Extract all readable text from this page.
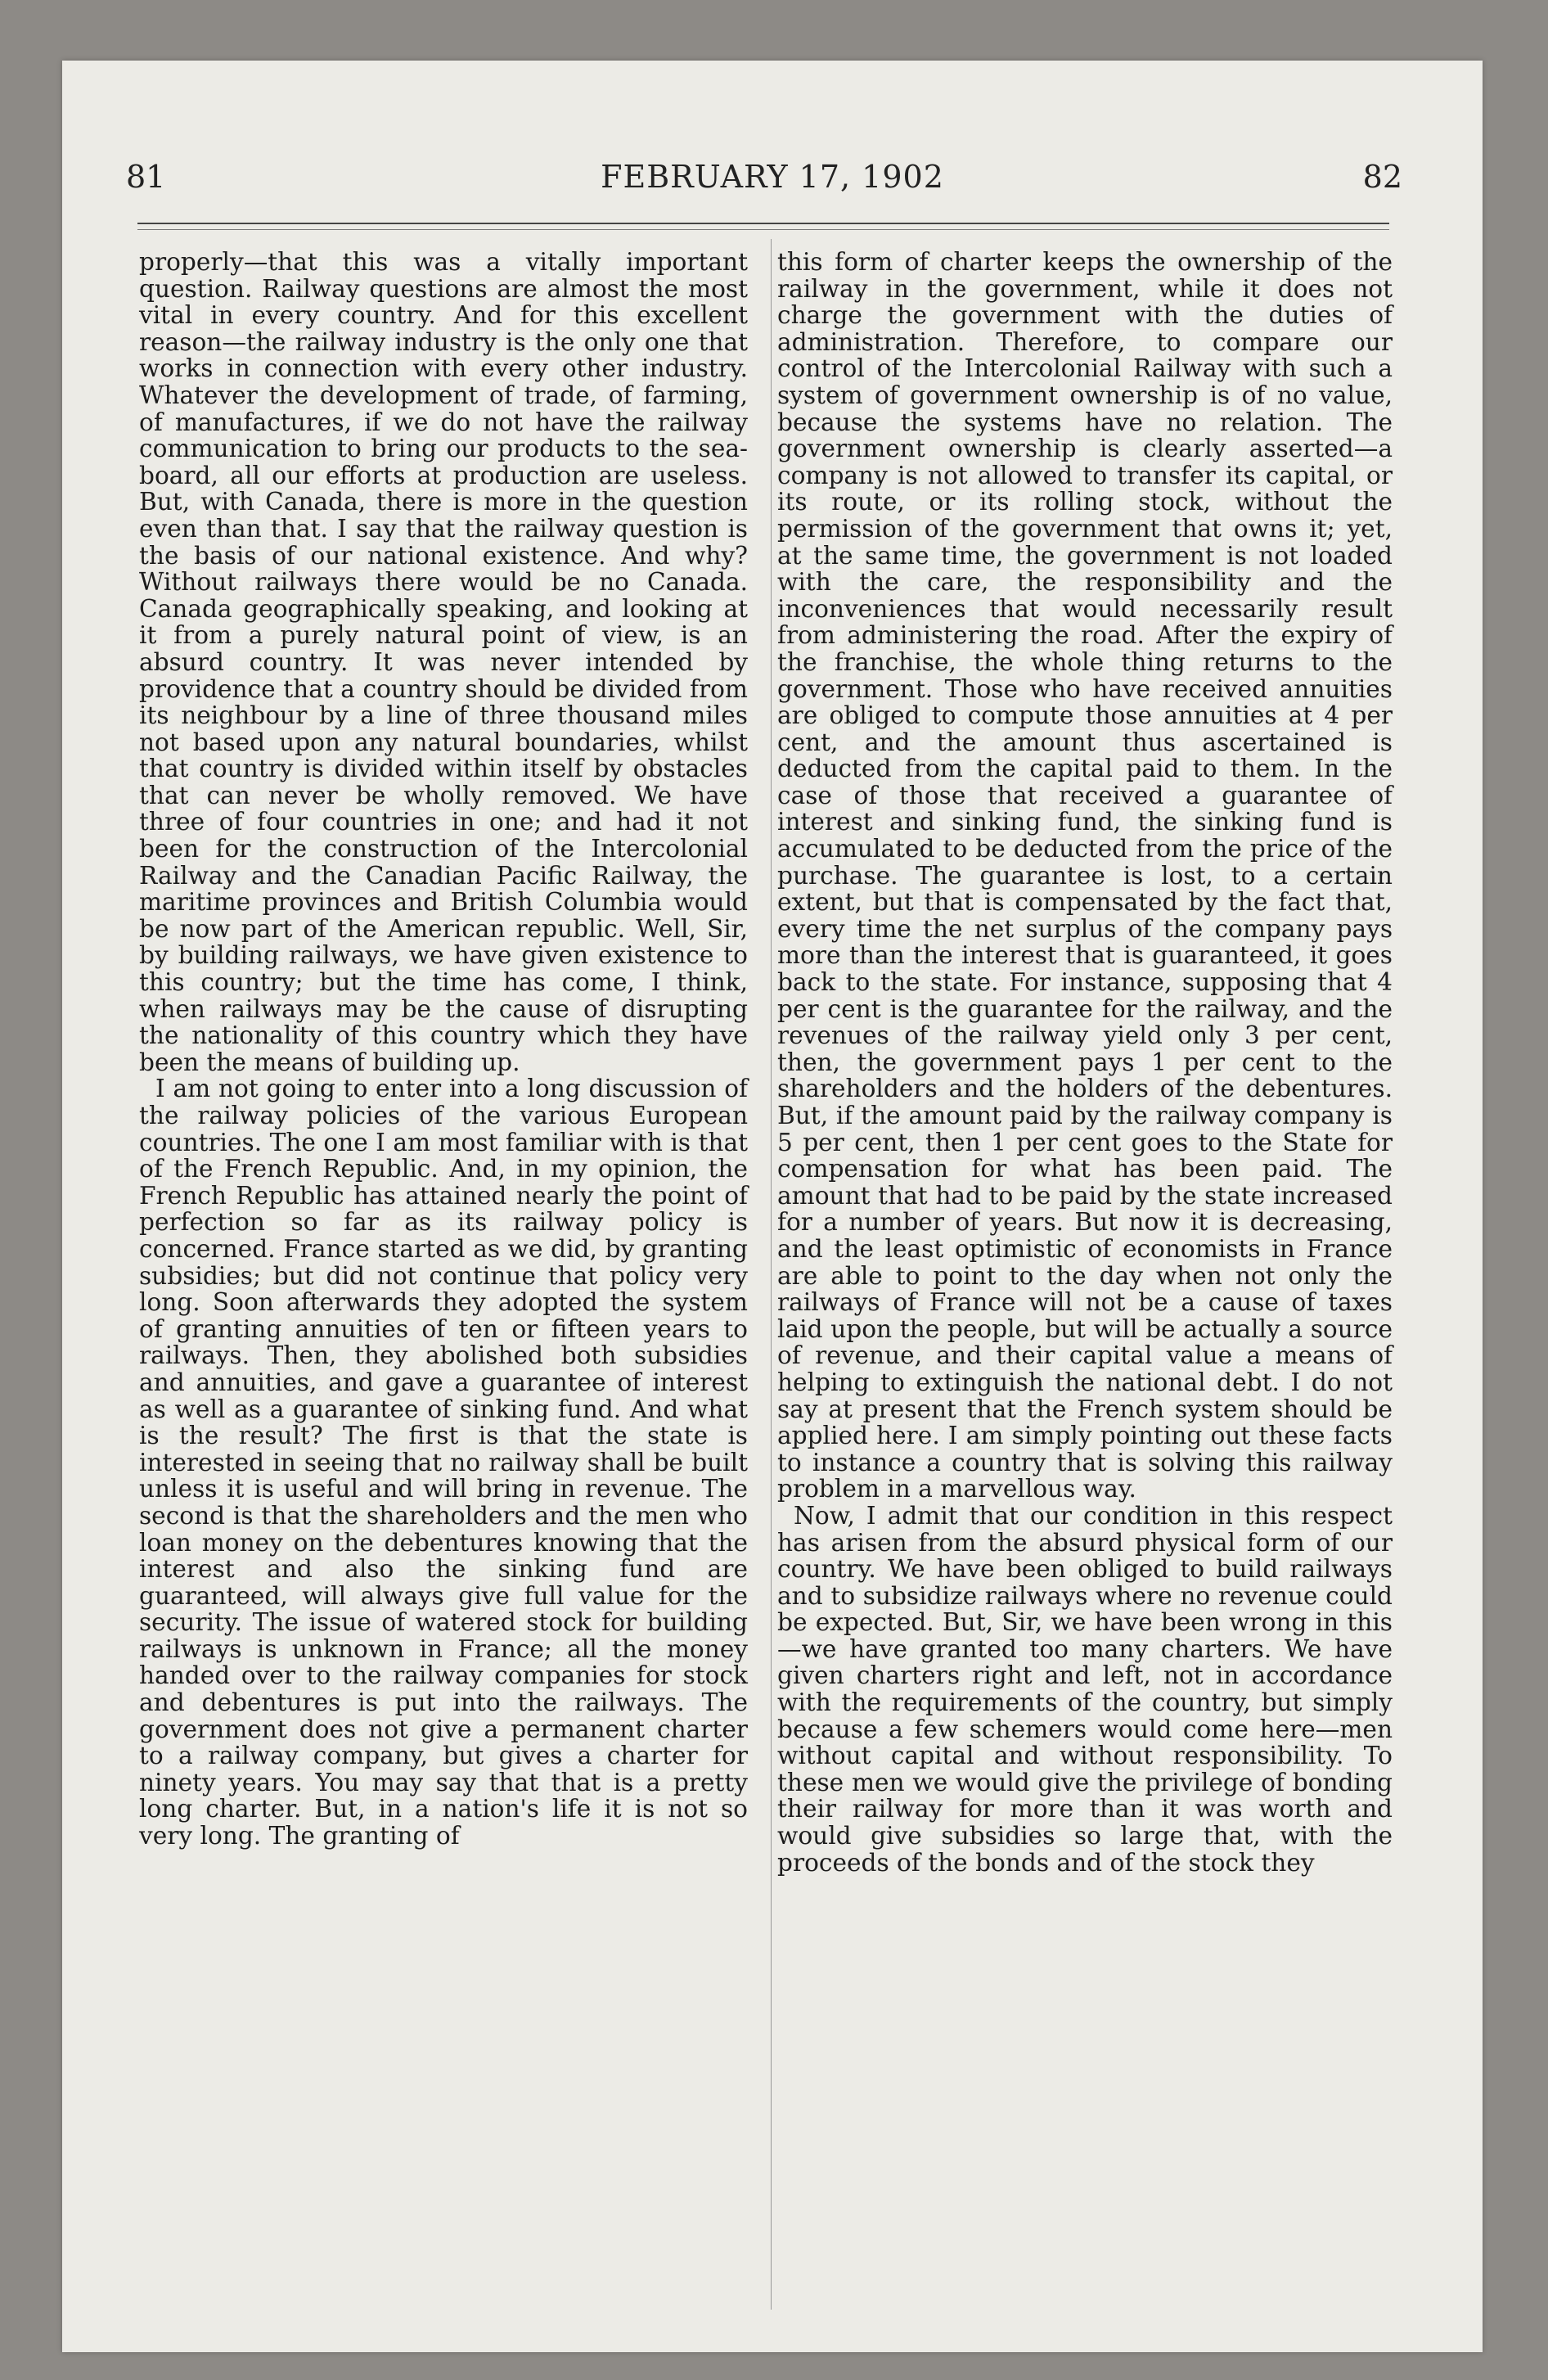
81	FEBRUARY 17, 1902	82

properly—that this was a vitally important question. Railway questions are almost the most vital in every country. And for this excellent reason—the railway industry is the only one that works in connection with every other industry. Whatever the development of trade, of farming, of manufactures, if we do not have the railway communication to bring our products to the sea-board, all our efforts at production are useless. But, with Canada, there is more in the question even than that. I say that the railway question is the basis of our national existence. And why? Without railways there would be no Canada. Canada geographically speaking, and looking at it from a purely natural point of view, is an absurd country. It was never intended by providence that a country should be divided from its neighbour by a line of three thousand miles not based upon any natural boundaries, whilst that country is divided within itself by obstacles that can never be wholly removed. We have three of four countries in one; and had it not been for the construction of the Intercolonial Railway and the Canadian Pacific Railway, the maritime provinces and British Columbia would be now part of the American republic. Well, Sir, by building railways, we have given existence to this country; but the time has come, I think, when railways may be the cause of disrupting the nationality of this country which they have been the means of building up.

I am not going to enter into a long discussion of the railway policies of the various European countries. The one I am most familiar with is that of the French Republic. And, in my opinion, the French Republic has attained nearly the point of perfection so far as its railway policy is concerned. France started as we did, by granting subsidies; but did not continue that policy very long. Soon afterwards they adopted the system of granting annuities of ten or fifteen years to railways. Then, they abolished both subsidies and annuities, and gave a guarantee of interest as well as a guarantee of sinking fund. And what is the result? The first is that the state is interested in seeing that no railway shall be built unless it is useful and will bring in revenue. The second is that the shareholders and the men who loan money on the debentures knowing that the interest and also the sinking fund are guaranteed, will always give full value for the security. The issue of watered stock for building railways is unknown in France; all the money handed over to the railway companies for stock and debentures is put into the railways. The government does not give a permanent charter to a railway company, but gives a charter for ninety years. You may say that that is a pretty long charter. But, in a nation's life it is not so very long. The granting of

this form of charter keeps the ownership of the railway in the government, while it does not charge the government with the duties of administration. Therefore, to compare our control of the Intercolonial Railway with such a system of government ownership is of no value, because the systems have no relation. The government ownership is clearly asserted—a company is not allowed to transfer its capital, or its route, or its rolling stock, without the permission of the government that owns it; yet, at the same time, the government is not loaded with the care, the responsibility and the inconveniences that would necessarily result from administering the road. After the expiry of the franchise, the whole thing returns to the government. Those who have received annuities are obliged to compute those annuities at 4 per cent, and the amount thus ascertained is deducted from the capital paid to them. In the case of those that received a guarantee of interest and sinking fund, the sinking fund is accumulated to be deducted from the price of the purchase. The guarantee is lost, to a certain extent, but that is compensated by the fact that, every time the net surplus of the company pays more than the interest that is guaranteed, it goes back to the state. For instance, supposing that 4 per cent is the guarantee for the railway, and the revenues of the railway yield only 3 per cent, then, the government pays 1 per cent to the shareholders and the holders of the debentures. But, if the amount paid by the railway company is 5 per cent, then 1 per cent goes to the State for compensation for what has been paid. The amount that had to be paid by the state increased for a number of years. But now it is decreasing, and the least optimistic of economists in France are able to point to the day when not only the railways of France will not be a cause of taxes laid upon the people, but will be actually a source of revenue, and their capital value a means of helping to extinguish the national debt. I do not say at present that the French system should be applied here. I am simply pointing out these facts to instance a country that is solving this railway problem in a marvellous way.

Now, I admit that our condition in this respect has arisen from the absurd physical form of our country. We have been obliged to build railways and to subsidize railways where no revenue could be expected. But, Sir, we have been wrong in this—we have granted too many charters. We have given charters right and left, not in accordance with the requirements of the country, but simply because a few schemers would come here—men without capital and without responsibility. To these men we would give the privilege of bonding their railway for more than it was worth and would give subsidies so large that, with the proceeds of the bonds and of the stock they
